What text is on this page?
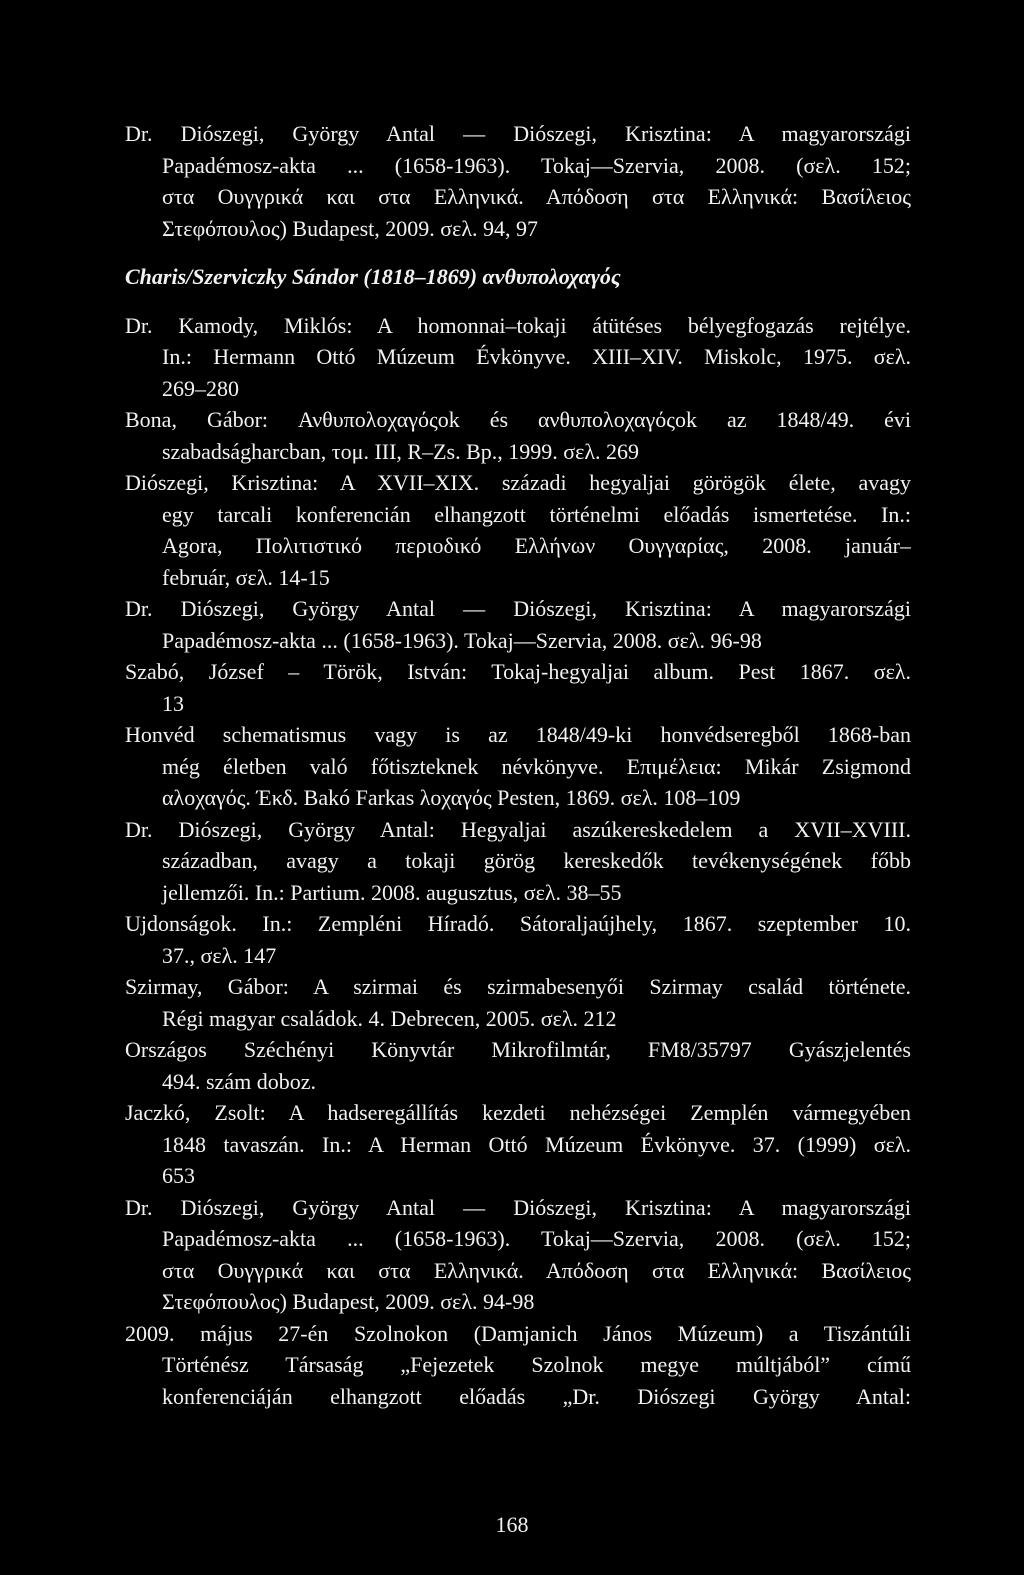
Dr. Diószegi, György Antal — Diószegi, Krisztina: A magyarországi
Papadémosz-akta ... (1658-1963). Tokaj—Szervia, 2008. (σελ. 152;
στα Ουγγρικά και στα Ελληνικά. Απόδοση στα Ελληνικά: Βασίλειος
Στεφόπουλος) Budapest, 2009. σελ. 94, 97
Charis/Szerviczky Sándor (1818–1869) ανθυπολοχαγός
Dr. Kamody, Miklós: A homonnai–tokaji átütéses bélyegfogazás rejtélye.
In.: Hermann Ottó Múzeum Évkönyve. XIII–XIV. Miskolc, 1975. σελ.
269–280
Bona, Gábor: Ανθυπολοχαγόςok és ανθυπολοχαγόςok az 1848/49. évi
szabadságharcban, τομ. III, R–Zs. Bp., 1999. σελ. 269
Diószegi, Krisztina: A XVII–XIX. századi hegyaljai görögök élete, avagy
egy tarcali konferencián elhangzott történelmi előadás ismertetése. In.:
Agora, Πολιτιστικό περιοδικό Ελλήνων Ουγγαρίας, 2008. január–
február, σελ. 14-15
Dr. Diószegi, György Antal — Diószegi, Krisztina: A magyarországi
Papadémosz-akta ... (1658-1963). Tokaj—Szervia, 2008. σελ. 96-98
Szabó, József – Török, István: Tokaj-hegyaljai album. Pest 1867. σελ.
13
Honvéd schematismus vagy is az 1848/49-ki honvédseregből 1868-ban
még életben való főtiszteknek névkönyve. Επιμέλεια: Mikár Zsigmond
αλοχαγός. Έκδ. Bakó Farkas λοχαγός Pesten, 1869. σελ. 108–109
Dr. Diószegi, György Antal: Hegyaljai aszúkereskedelem a XVII–XVIII.
században, avagy a tokaji görög kereskedők tevékenységének főbb
jellemzői. In.: Partium. 2008. augusztus, σελ. 38–55
Ujdonságok. In.: Zempléni Híradó. Sátoraljaújhely, 1867. szeptember 10.
37., σελ. 147
Szirmay, Gábor: A szirmai és szirmabesenyői Szirmay család története.
Régi magyar családok. 4. Debrecen, 2005. σελ. 212
Országos Széchényi Könyvtár Mikrofilmtár, FM8/35797 Gyászjelentés
494. szám doboz.
Jaczkó, Zsolt: A hadseregállítás kezdeti nehézségei Zemplén vármegyében
1848 tavaszán. In.: A Herman Ottó Múzeum Évkönyve. 37. (1999) σελ.
653
Dr. Diószegi, György Antal — Diószegi, Krisztina: A magyarországi
Papadémosz-akta ... (1658-1963). Tokaj—Szervia, 2008. (σελ. 152;
στα Ουγγρικά και στα Ελληνικά. Απόδοση στα Ελληνικά: Βασίλειος
Στεφόπουλος) Budapest, 2009. σελ. 94-98
2009. május 27-én Szolnokon (Damjanich János Múzeum) a Tiszántúli
Történész Társaság „Fejezetek Szolnok megye múltjából” című
konferenciáján elhangzott előadás „Dr. Diószegi György Antal:
168
